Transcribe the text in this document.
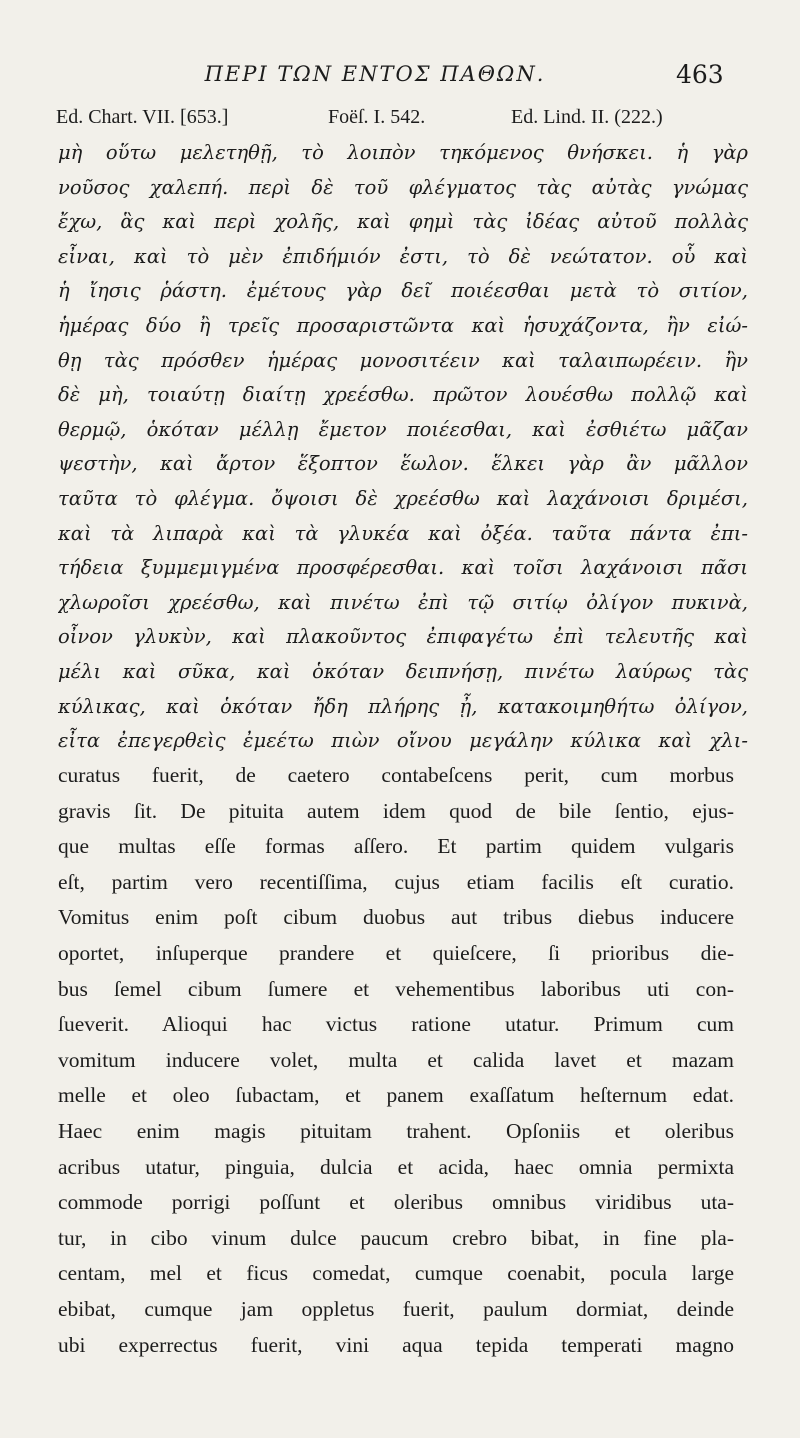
ΠΕΡΙ ΤΩΝ ΕΝΤΟΣ ΠΑΘΩΝ.	463
Ed. Chart. VII. [653.]	Foëſ. I. 542.	Ed. Lind. II. (222.)
μὴ οὕτω μελετηθῇ, τὸ λοιπὸν τηκόμενος θνήσκει. ἡ γὰρ
νοῦσος χαλεπή. περὶ δὲ τοῦ φλέγματος τὰς αὐτὰς γνώμας
ἔχω, ἃς καὶ περὶ χολῆς, καὶ φημὶ τὰς ἰδέας αὐτοῦ πολλὰς
εἶναι, καὶ τὸ μὲν ἐπιδήμιόν ἐστι, τὸ δὲ νεώτατον. οὗ καὶ
ἡ ἴησις ῥάστη. ἐμέτους γὰρ δεῖ ποιέεσθαι μετὰ τὸ σιτίον,
ἡμέρας δύο ἢ τρεῖς προσαριστῶντα καὶ ἡσυχάζοντα, ἢν εἰώ-
θῃ τὰς πρόσθεν ἡμέρας μονοσιτέειν καὶ ταλαιπωρέειν. ἢν
δὲ μὴ, τοιαύτῃ διαίτῃ χρεέσθω. πρῶτον λουέσθω πολλῷ καὶ
θερμῷ, ὁκόταν μέλλῃ ἔμετον ποιέεσθαι, καὶ ἐσθιέτω μᾶζαν
ψεστὴν, καὶ ἄρτον ἕξοπτον ἕωλον. ἕλκει γὰρ ἂν μᾶλλον
ταῦτα τὸ φλέγμα. ὄψοισι δὲ χρεέσθω καὶ λαχάνοισι δριμέσι,
καὶ τὰ λιπαρὰ καὶ τὰ γλυκέα καὶ ὀξέα. ταῦτα πάντα ἐπι-
τήδεια ξυμμεμιγμένα προσφέρεσθαι. καὶ τοῖσι λαχάνοισι πᾶσι
χλωροῖσι χρεέσθω, καὶ πινέτω ἐπὶ τῷ σιτίῳ ὀλίγον πυκινὰ,
οἶνον γλυκὺν, καὶ πλακοῦντος ἐπιφαγέτω ἐπὶ τελευτῆς καὶ
μέλι καὶ σῦκα, καὶ ὁκόταν δειπνήσῃ, πινέτω λαύρως τὰς
κύλικας, καὶ ὁκόταν ἤδη πλήρης ᾖ, κατακοιμηθήτω ὀλίγον,
εἶτα ἐπεγερθεὶς ἐμεέτω πιὼν οἴνου μεγάλην κύλικα καὶ χλι-
curatus fuerit, de caetero contabeſcens perit, cum morbus
gravis ſit. De pituita autem idem quod de bile ſentio, ejus-
que multas eſſe formas aſſero. Et partim quidem vulgaris
eſt, partim vero recentiſſima, cujus etiam facilis eſt curatio.
Vomitus enim poſt cibum duobus aut tribus diebus inducere
oportet, inſuperque prandere et quieſcere, ſi prioribus die-
bus ſemel cibum ſumere et vehementibus laboribus uti con-
ſueverit. Alioqui hac victus ratione utatur. Primum cum
vomitum inducere volet, multa et calida lavet et mazam
melle et oleo ſubactam, et panem exaſſatum heſternum edat.
Haec enim magis pituitam trahent. Opſoniis et oleribus
acribus utatur, pinguia, dulcia et acida, haec omnia permixta
commode porrigi poſſunt et oleribus omnibus viridibus uta-
tur, in cibo vinum dulce paucum crebro bibat, in fine pla-
centam, mel et ficus comedat, cumque coenabit, pocula large
ebibat, cumque jam oppletus fuerit, paulum dormiat, deinde
ubi experrectus fuerit, vini aqua tepida temperati magno
